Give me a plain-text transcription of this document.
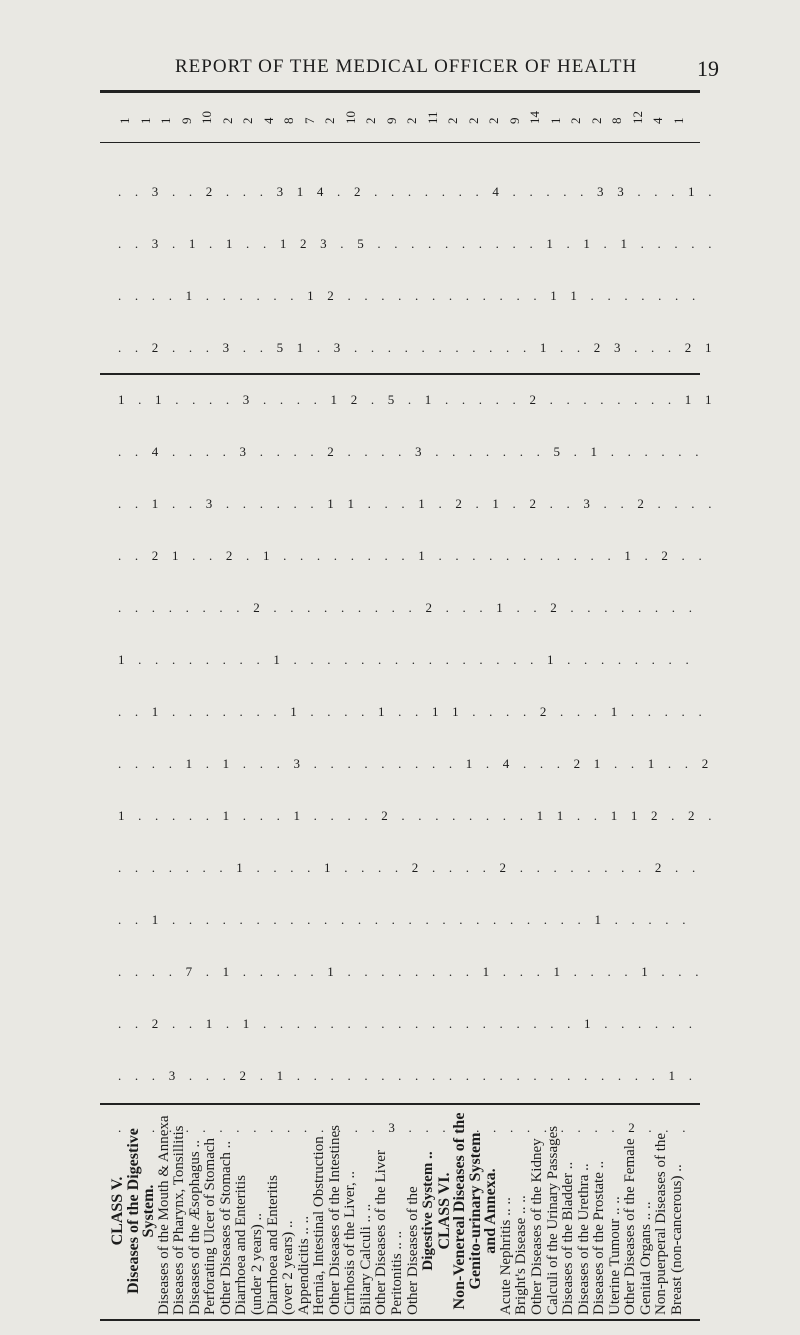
REPORT OF THE MEDICAL OFFICER OF HEALTH	19
CLASS V.
Diseases of the Digestive
System.
Diseases of the Mouth & Annexa Diseases of Pharynx, Tonsillitis Diseases of the Æsophagus .. Perforating Ulcer of Stomach Other Diseases of Stomach .. Diarrhoea and Enteritis (under 2 years) .. Diarrhoea and Enteritis (over 2 years) .. Appendicitis .. .. Hernia, Intestinal Obstruction Other Diseases of the Intestines Cirrhosis of the Liver, .. Biliary Calculi .. .. Other Diseases of the Liver Peritonitis .. .. Other Diseases of the Digestive System .. CLASS VI.
Non-Venereal Diseases of the
Genito-urinary System
and Annexa.
Acute Nephritis .. .. Bright's Disease .. .. Other Diseases of the Kidney Calculi of the Urinary Passages Diseases of the Bladder .. Diseases of the Urethra .. Diseases of the Prostate .. Uterine Tumour .. .. Other Diseases of the Female Genital Organs .. .. Non-puerperal Diseases of the Breast (non-cancerous) ..
. . 3 . . 2 . . . 3 1 4 . 2 . . . . . . . 4 . . . . . 3 3 . . . 1 .
. . 3 . 1 . 1 . . 1 2 3 . 5 . . . . . . . . . . 1 . 1 . 1 . . . . .
. . . . 1 . . . . . . 1 2 . . . . . . . . . . . . 1 1 . . . . . . .
. . 2 . . . 3 . . 5 1 . 3 . . . . . . . . . . . 1 . . 2 3 . . . 2 1
1 . 1 . . . . 3 . . . . 1 2 . 5 . 1 . . . . . 2 . . . . . . . . 1 1
. . 4 . . . . 3 . . . . 2 . . . . 3 . . . . . . . 5 . 1 . . . . . .
. . 1 . . 3 . . . . . . 1 1 . . . 1 . 2 . 1 . 2 . . 3 . . 2 . . . .
. . 2 1 . . 2 . 1 . . . . . . . . 1 . . . . . . . . . . . 1 . 2 . .
. . . . . . . . 2 . . . . . . . . . 2 . . . 1 . . 2 . . . . . . . .
1 . . . . . . . . 1 . . . . . . . . . . . . . . . 1 . . . . . . . .
. . 1 . . . . . . . 1 . . . . 1 . . 1 1 . . . . 2 . . . 1 . . . . .
. . . . 1 . 1 . . . 3 . . . . . . . . . 1 . 4 . . . 2 1 . . 1 . . 2
1 . . . . . 1 . . . 1 . . . . 2 . . . . . . . . 1 1 . . 1 1 2 . 2 .
. . . . . . . 1 . . . . 1 . . . . 2 . . . . 2 . . . . . . . . 2 . .
. . 1 . . . . . . . . . . . . . . . . . . . . . . . . . 1 . . . . .
. . . . 7 . 1 . . . . . 1 . . . . . . . . 1 . . . 1 . . . . 1 . . .
. . 2 . . 1 . 1 . . . . . . . . . . . . . . . . . . . 1 . . . . . .
. . . 3 . . . 2 . 1 . . . . . . . . . . . . . . . . . . . . . . 1 .
. . . . . . . . . . . . . . . . 3 . . . . . . . . . . . . . 2 . . .
1 1 1 9 10 2 2 4 8 7 2 10 2 9 2 11 2 2 2 9 14 1 2 2 8 12 4 1
